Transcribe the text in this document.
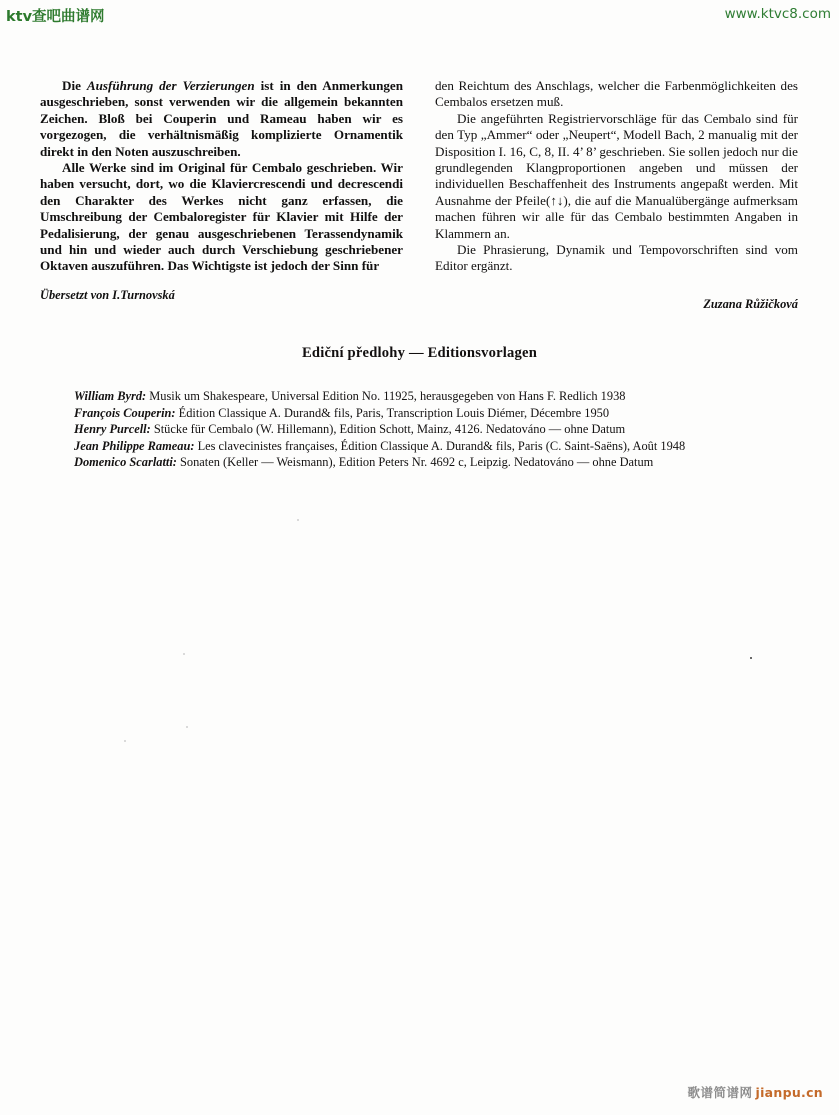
ktv查吧曲谱网	www.ktvc8.com

Die Ausführung der Verzierungen ist in den Anmerkungen ausgeschrieben, sonst verwenden wir die allgemein bekannten Zeichen. Bloß bei Couperin und Rameau haben wir es vorgezogen, die verhältnismäßig komplizierte Ornamentik direkt in den Noten auszuschreiben.

Alle Werke sind im Original für Cembalo geschrieben. Wir haben versucht, dort, wo die Klaviercrescendi und decrescendi den Charakter des Werkes nicht ganz erfassen, die Umschreibung der Cembaloregister für Klavier mit Hilfe der Pedalisierung, der genau ausgeschriebenen Terassendynamik und hin und wieder auch durch Verschiebung geschriebener Oktaven auszuführen. Das Wichtigste ist jedoch der Sinn für

Übersetzt von I.Turnovská

den Reichtum des Anschlags, welcher die Farbenmöglichkeiten des Cembalos ersetzen muß.

Die angeführten Registriervorschläge für das Cembalo sind für den Typ „Ammer“ oder „Neupert“, Modell Bach, 2 manualig mit der Disposition I. 16, C, 8, II. 4’ 8’ geschrieben. Sie sollen jedoch nur die grundlegenden Klangproportionen angeben und müssen der individuellen Beschaffenheit des Instruments angepaßt werden. Mit Ausnahme der Pfeile(↑↓), die auf die Manualübergänge aufmerksam machen führen wir alle für das Cembalo bestimmten Angaben in Klammern an.

Die Phrasierung, Dynamik und Tempovorschriften sind vom Editor ergänzt.

Zuzana Růžičková
Ediční předlohy — Editionsvorlagen
William Byrd: Musik um Shakespeare, Universal Edition No. 11925, herausgegeben von Hans F. Redlich 1938
François Couperin: Édition Classique A. Durand& fils, Paris, Transcription Louis Diémer, Décembre 1950
Henry Purcell: Stücke für Cembalo (W. Hillemann), Edition Schott, Mainz, 4126. Nedatováno — ohne Datum
Jean Philippe Rameau: Les clavecinistes françaises, Édition Classique A. Durand& fils, Paris (C. Saint-Saëns), Août 1948
Domenico Scarlatti: Sonaten (Keller — Weismann), Edition Peters Nr. 4692 c, Leipzig. Nedatováno — ohne Datum
歌谱简谱网 jianpu.cn
